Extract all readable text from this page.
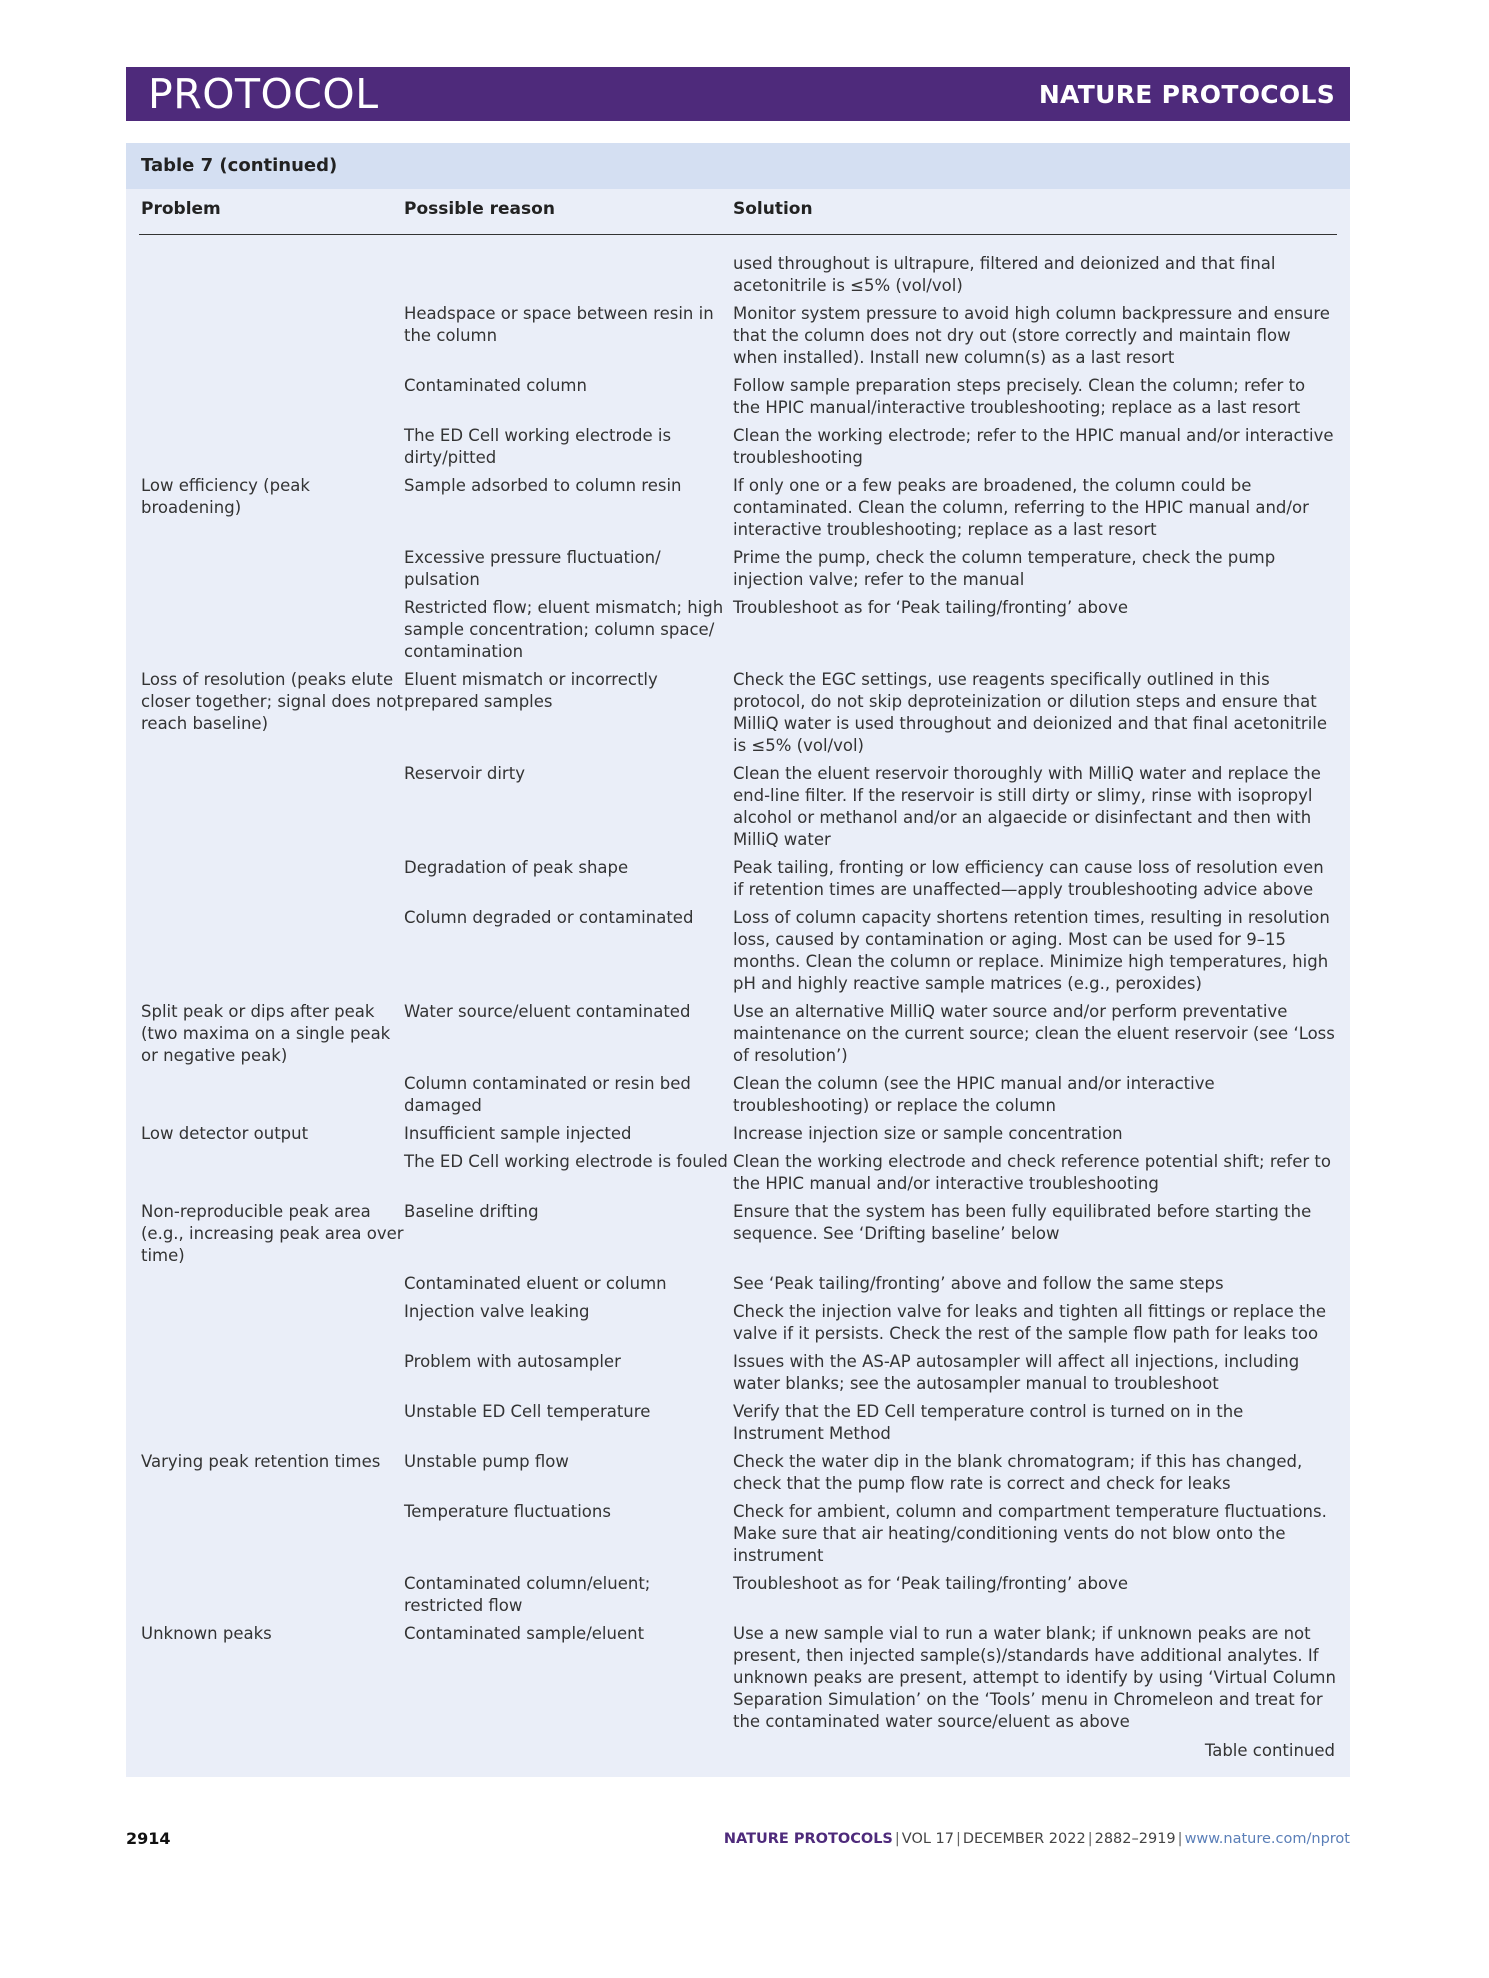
PROTOCOL	NATURE PROTOCOLS
Table 7 (continued)
Problem	Possible reason	Solution
		used throughout is ultrapure, filtered and deionized and that final acetonitrile is ≤5% (vol/vol)
	Headspace or space between resin in the column	Monitor system pressure to avoid high column backpressure and ensure that the column does not dry out (store correctly and maintain flow when installed). Install new column(s) as a last resort
	Contaminated column	Follow sample preparation steps precisely. Clean the column; refer to the HPIC manual/interactive troubleshooting; replace as a last resort
	The ED Cell working electrode is dirty/pitted	Clean the working electrode; refer to the HPIC manual and/or interactive troubleshooting
Low efficiency (peak broadening)	Sample adsorbed to column resin	If only one or a few peaks are broadened, the column could be contaminated. Clean the column, referring to the HPIC manual and/or interactive troubleshooting; replace as a last resort
	Excessive pressure fluctuation/ pulsation	Prime the pump, check the column temperature, check the pump injection valve; refer to the manual
	Restricted flow; eluent mismatch; high sample concentration; column space/ contamination	Troubleshoot as for ‘Peak tailing/fronting’ above
Loss of resolution (peaks elute closer together; signal does not reach baseline)	Eluent mismatch or incorrectly prepared samples	Check the EGC settings, use reagents specifically outlined in this protocol, do not skip deproteinization or dilution steps and ensure that MilliQ water is used throughout and deionized and that final acetonitrile is ≤5% (vol/vol)
	Reservoir dirty	Clean the eluent reservoir thoroughly with MilliQ water and replace the end-line filter. If the reservoir is still dirty or slimy, rinse with isopropyl alcohol or methanol and/or an algaecide or disinfectant and then with MilliQ water
	Degradation of peak shape	Peak tailing, fronting or low efficiency can cause loss of resolution even if retention times are unaffected—apply troubleshooting advice above
	Column degraded or contaminated	Loss of column capacity shortens retention times, resulting in resolution loss, caused by contamination or aging. Most can be used for 9–15 months. Clean the column or replace. Minimize high temperatures, high pH and highly reactive sample matrices (e.g., peroxides)
Split peak or dips after peak (two maxima on a single peak or negative peak)	Water source/eluent contaminated	Use an alternative MilliQ water source and/or perform preventative maintenance on the current source; clean the eluent reservoir (see ‘Loss of resolution’)
	Column contaminated or resin bed damaged	Clean the column (see the HPIC manual and/or interactive troubleshooting) or replace the column
Low detector output	Insufficient sample injected	Increase injection size or sample concentration
	The ED Cell working electrode is fouled	Clean the working electrode and check reference potential shift; refer to the HPIC manual and/or interactive troubleshooting
Non-reproducible peak area (e.g., increasing peak area over time)	Baseline drifting	Ensure that the system has been fully equilibrated before starting the sequence. See ‘Drifting baseline’ below
	Contaminated eluent or column	See ‘Peak tailing/fronting’ above and follow the same steps
	Injection valve leaking	Check the injection valve for leaks and tighten all fittings or replace the valve if it persists. Check the rest of the sample flow path for leaks too
	Problem with autosampler	Issues with the AS-AP autosampler will affect all injections, including water blanks; see the autosampler manual to troubleshoot
	Unstable ED Cell temperature	Verify that the ED Cell temperature control is turned on in the Instrument Method
Varying peak retention times	Unstable pump flow	Check the water dip in the blank chromatogram; if this has changed, check that the pump flow rate is correct and check for leaks
	Temperature fluctuations	Check for ambient, column and compartment temperature fluctuations. Make sure that air heating/conditioning vents do not blow onto the instrument
	Contaminated column/eluent; restricted flow	Troubleshoot as for ‘Peak tailing/fronting’ above
Unknown peaks	Contaminated sample/eluent	Use a new sample vial to run a water blank; if unknown peaks are not present, then injected sample(s)/standards have additional analytes. If unknown peaks are present, attempt to identify by using ‘Virtual Column Separation Simulation’ on the ‘Tools’ menu in Chromeleon and treat for the contaminated water source/eluent as above
Table continued
2914	NATURE PROTOCOLS | VOL 17 | DECEMBER 2022 | 2882–2919 | www.nature.com/nprot
